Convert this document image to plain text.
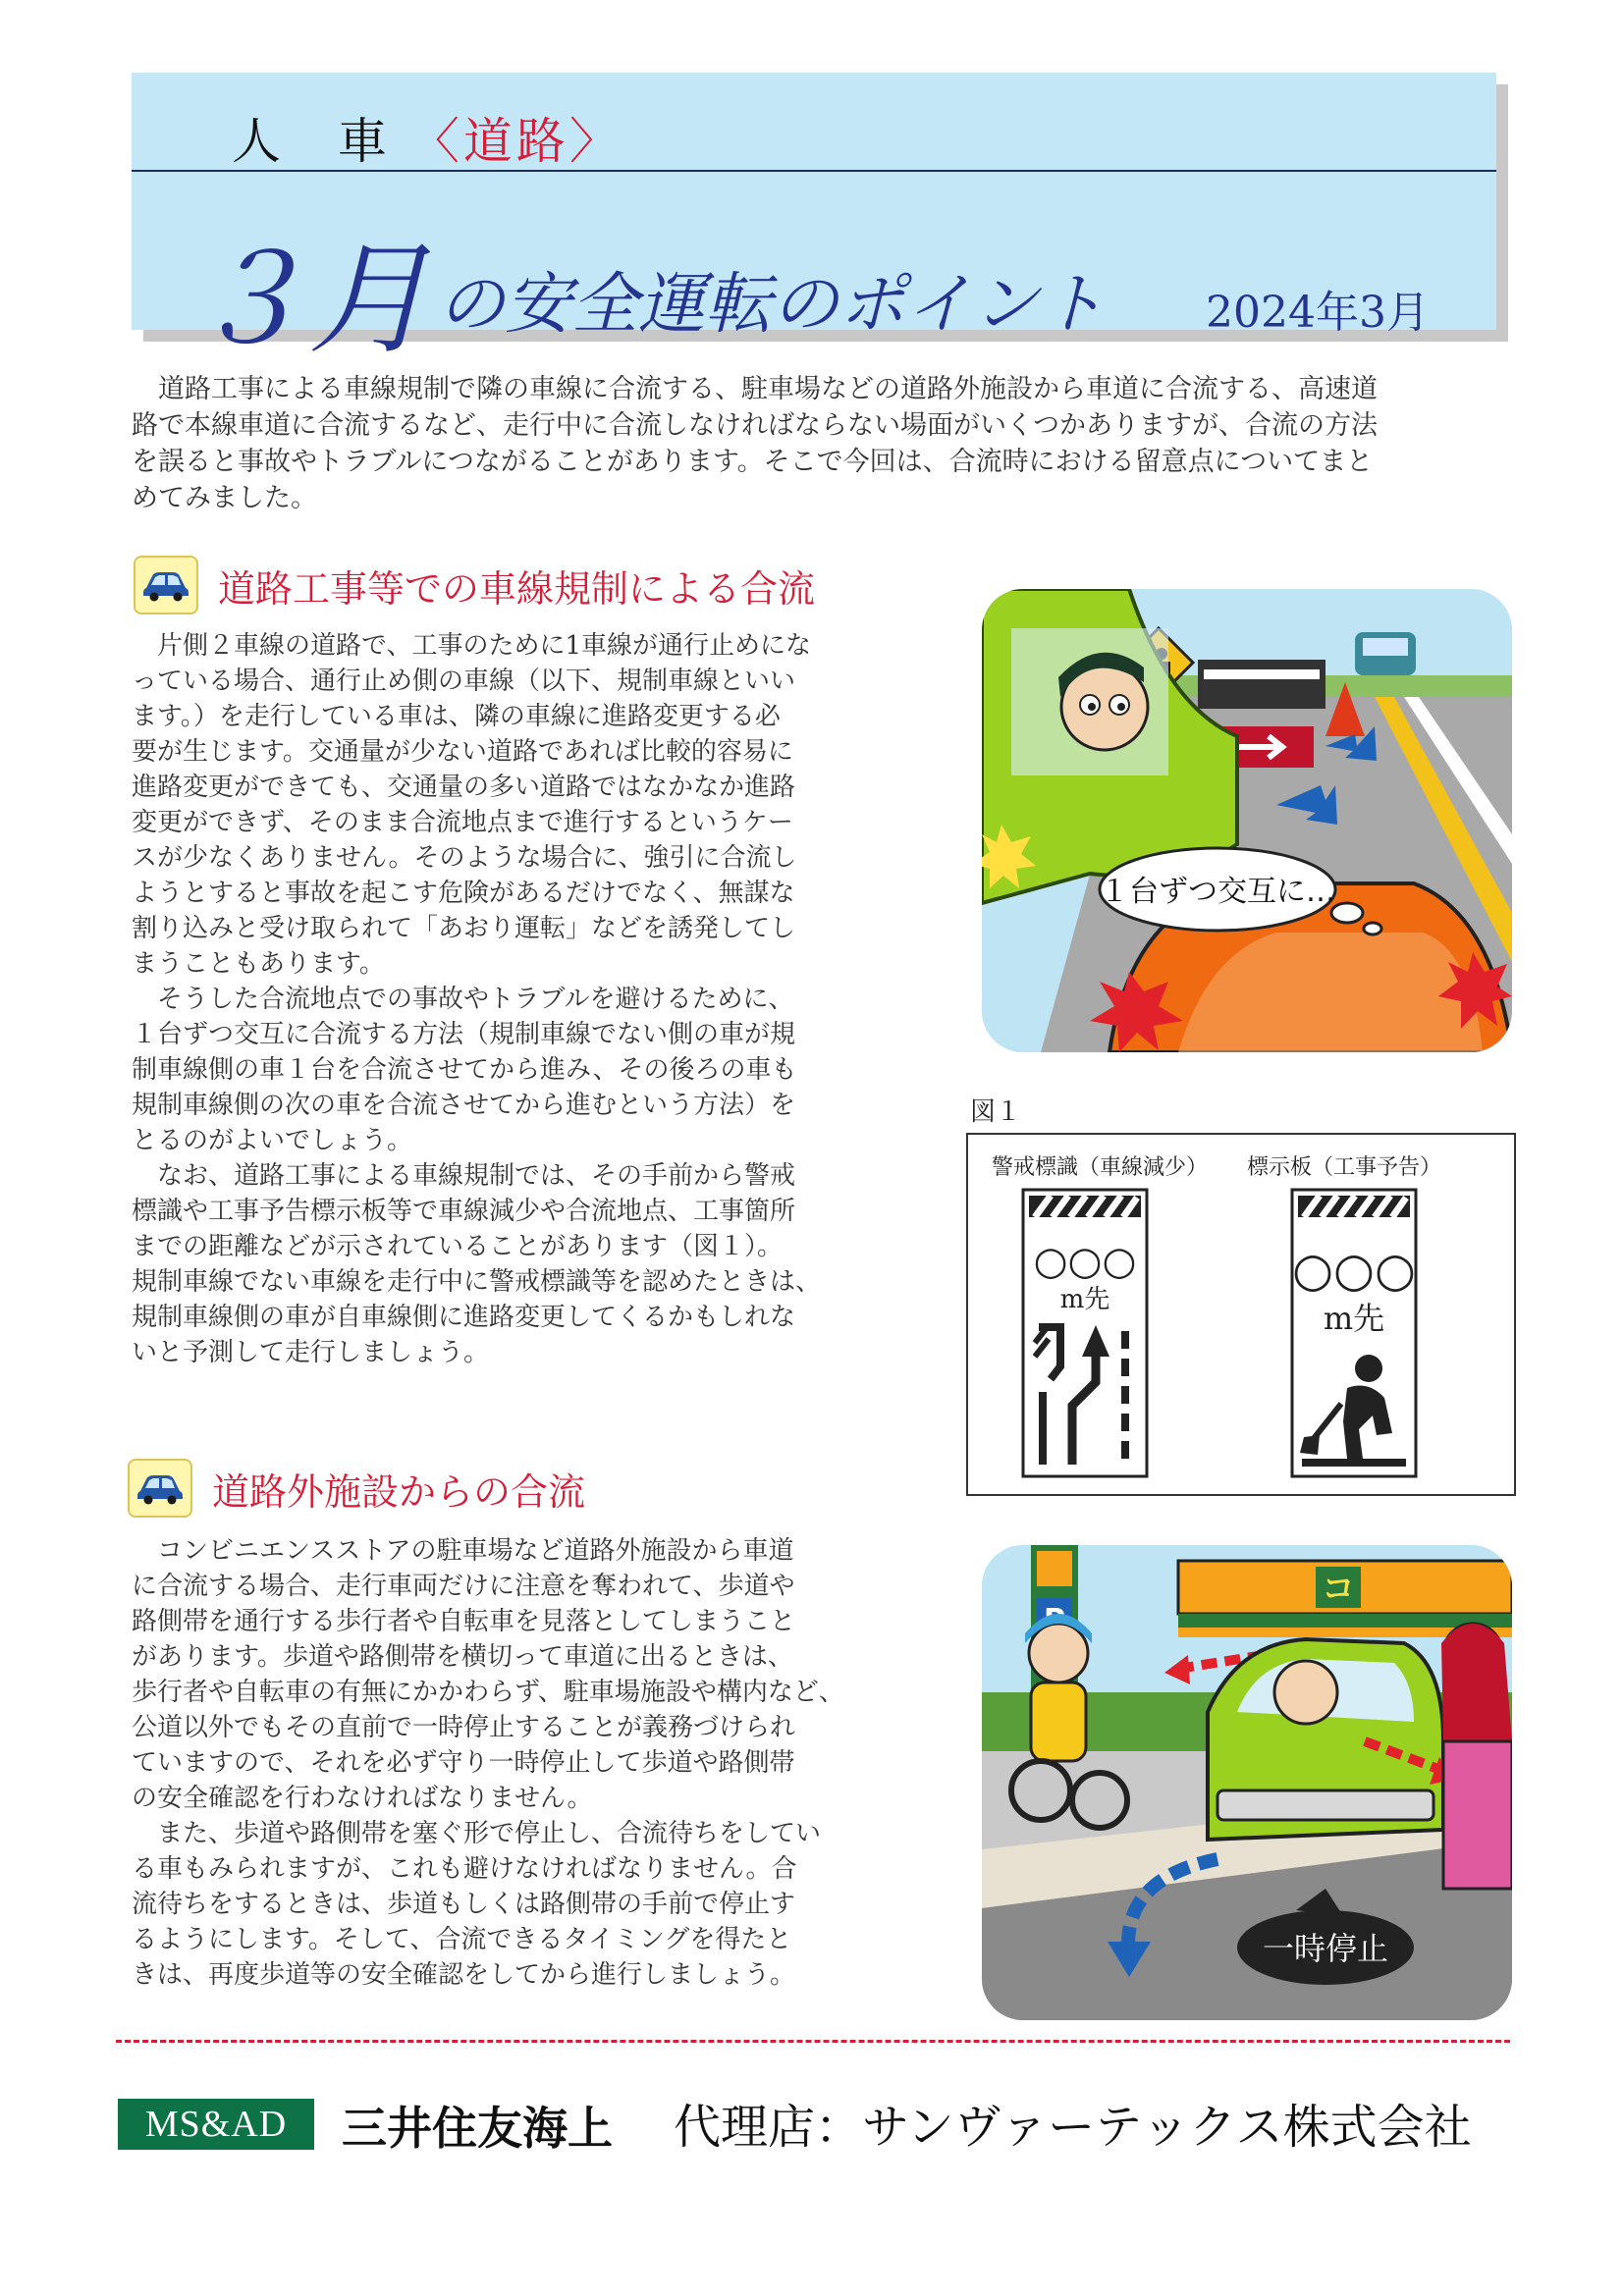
人　車 〈道路〉
３月 の安全運転のポイント 2024年3月
　道路工事による車線規制で隣の車線に合流する、駐車場などの道路外施設から車道に合流する、高速道
路で本線車道に合流するなど、走行中に合流しなければならない場面がいくつかありますが、合流の方法
を誤ると事故やトラブルにつながることがあります。そこで今回は、合流時における留意点についてまと
めてみました。
道路工事等での車線規制による合流
　片側２車線の道路で、工事のために1車線が通行止めにな
っている場合、通行止め側の車線（以下、規制車線といい
ます。）を走行している車は、隣の車線に進路変更する必
要が生じます。交通量が少ない道路であれば比較的容易に
進路変更ができても、交通量の多い道路ではなかなか進路
変更ができず、そのまま合流地点まで進行するというケー
スが少なくありません。そのような場合に、強引に合流し
ようとすると事故を起こす危険があるだけでなく、無謀な
割り込みと受け取られて「あおり運転」などを誘発してし
まうこともあります。
　そうした合流地点での事故やトラブルを避けるために、
１台ずつ交互に合流する方法（規制車線でない側の車が規
制車線側の車１台を合流させてから進み、その後ろの車も
規制車線側の次の車を合流させてから進むという方法）を
とるのがよいでしょう。
　なお、道路工事による車線規制では、その手前から警戒
標識や工事予告標示板等で車線減少や合流地点、工事箇所
までの距離などが示されていることがあります（図１）。
規制車線でない車線を走行中に警戒標識等を認めたときは、
規制車線側の車が自車線側に進路変更してくるかもしれな
いと予測して走行しましょう。
１台ずつ交互に…
図１
警戒標識（車線減少） 標示板（工事予告）
○○○
m先
○○○
m先
道路外施設からの合流
　コンビニエンスストアの駐車場など道路外施設から車道
に合流する場合、走行車両だけに注意を奪われて、歩道や
路側帯を通行する歩行者や自転車を見落としてしまうこと
があります。歩道や路側帯を横切って車道に出るときは、
歩行者や自転車の有無にかかわらず、駐車場施設や構内など、
公道以外でもその直前で一時停止することが義務づけられ
ていますので、それを必ず守り一時停止して歩道や路側帯
の安全確認を行わなければなりません。
　また、歩道や路側帯を塞ぐ形で停止し、合流待ちをしてい
る車もみられますが、これも避けなければなりません。合
流待ちをするときは、歩道もしくは路側帯の手前で停止す
るようにします。そして、合流できるタイミングを得たと
きは、再度歩道等の安全確認をしてから進行しましょう。
コ
一時停止
MS&AD	三井住友海上 代理店：サンヴァーテックス株式会社
